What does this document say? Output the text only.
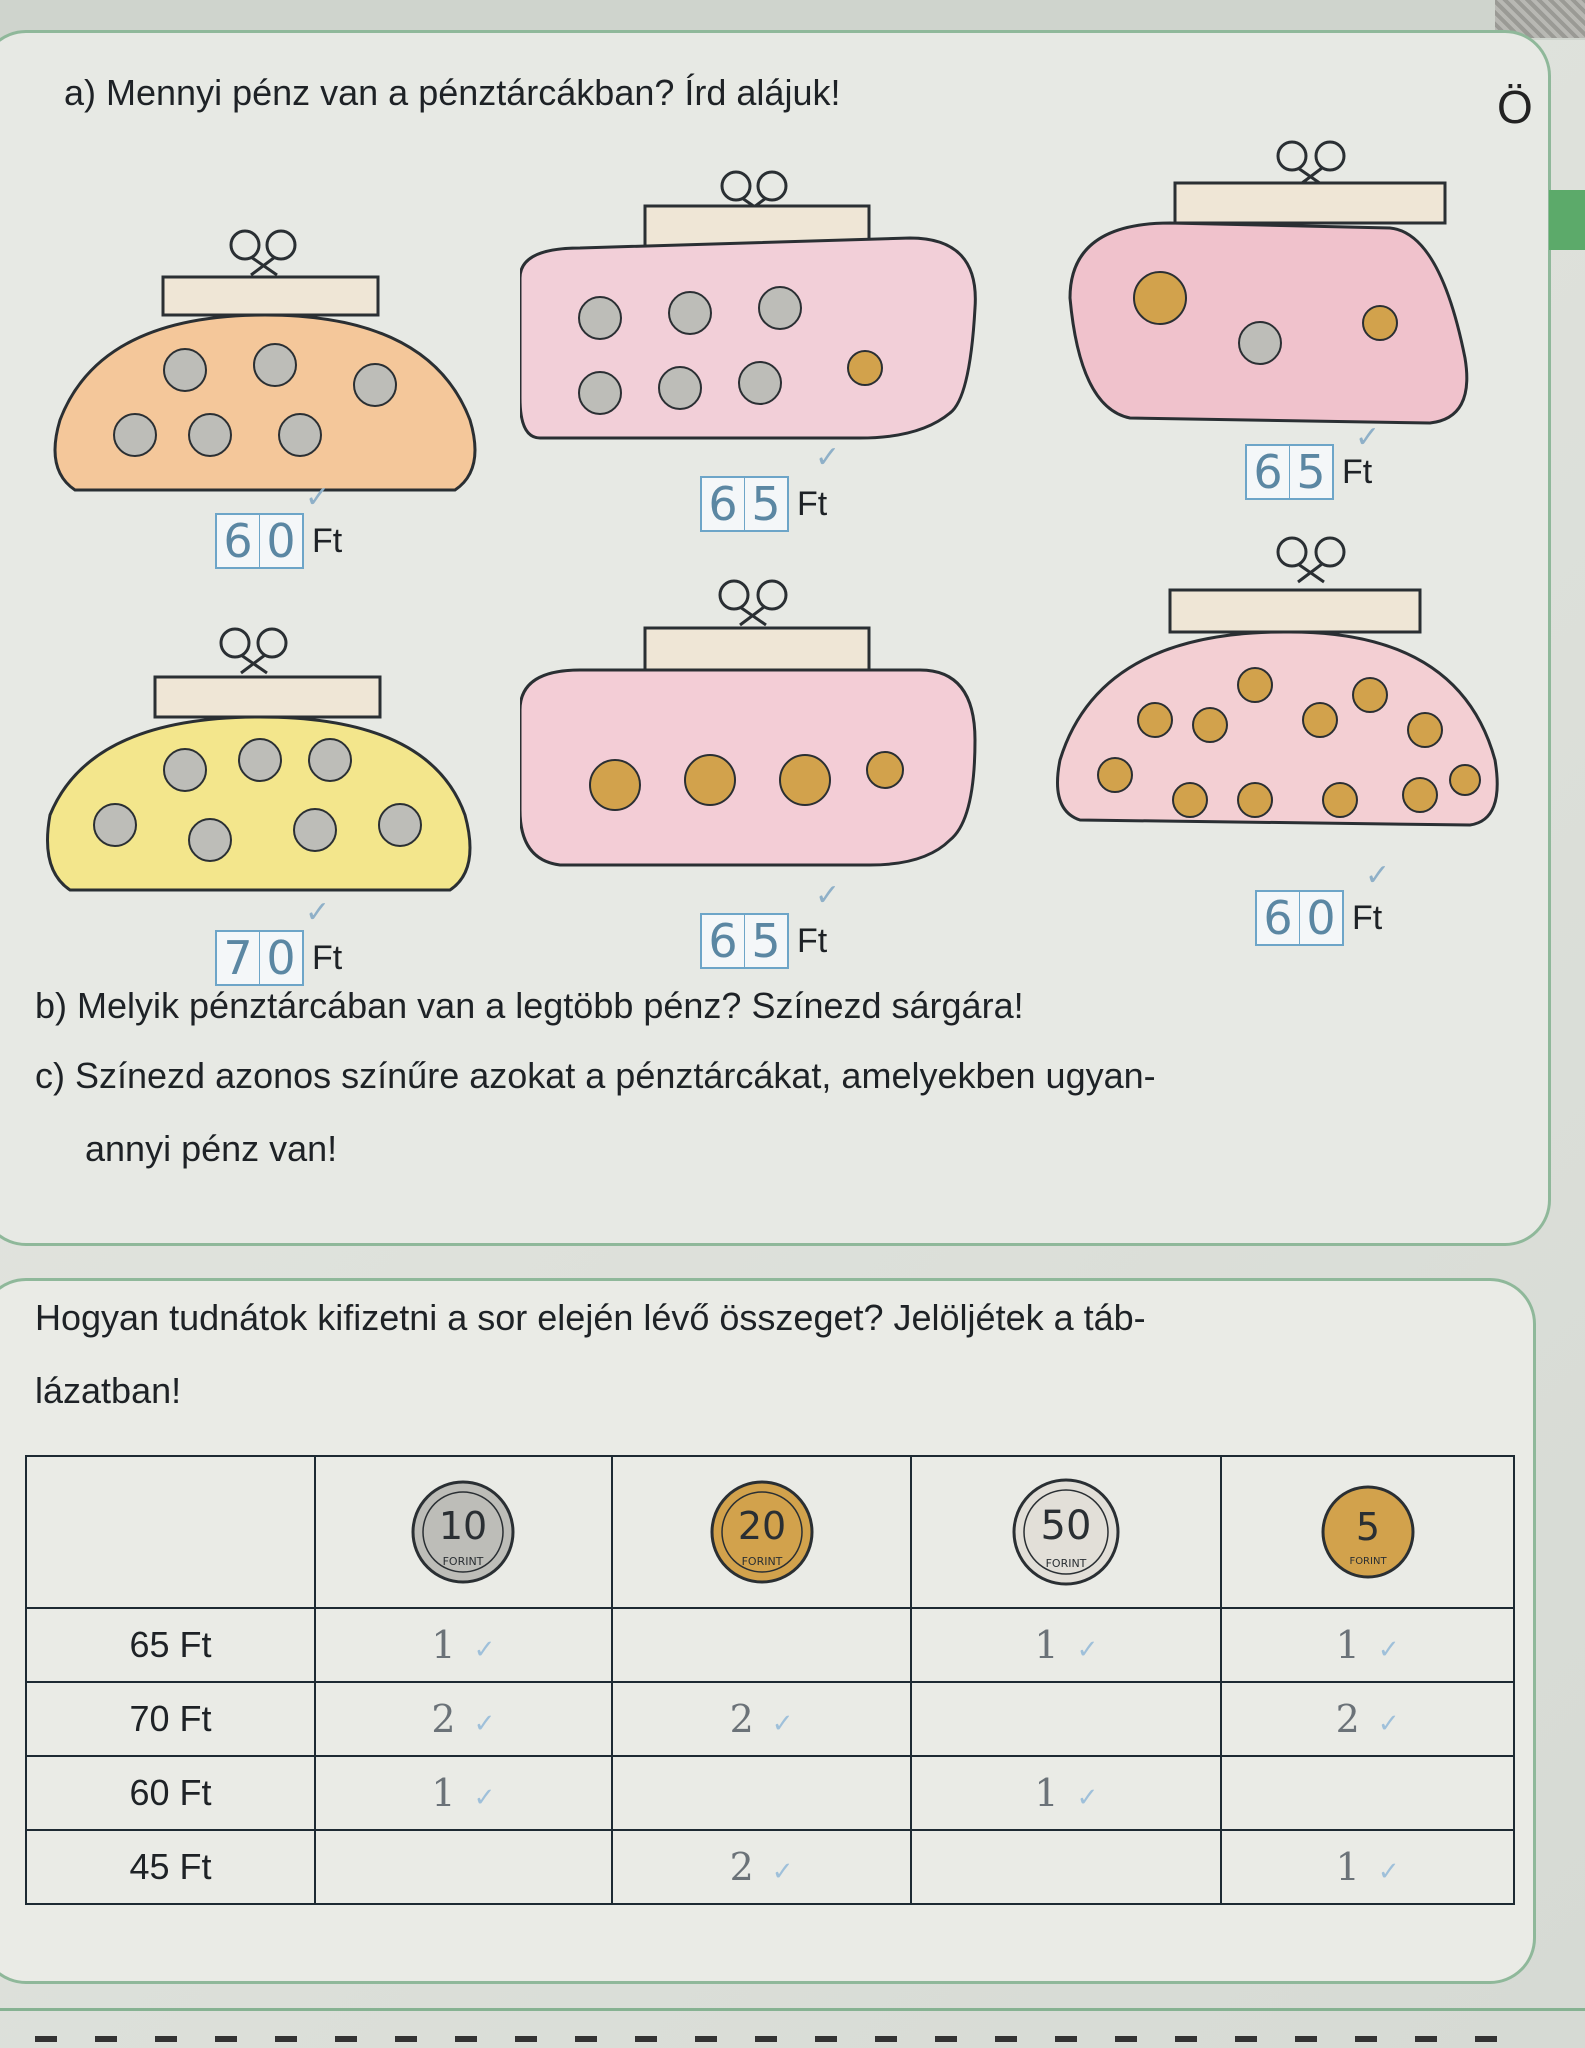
Ö
a) Mennyi pénz van a pénztárcákban? Írd alájuk!
6 0 Ft
6 5 Ft
6 5 Ft
7 0 Ft	6 5 Ft	6 0 Ft
✓
✓
✓
✓
✓
✓
b) Melyik pénztárcában van a legtöbb pénz? Színezd sárgára!
c) Színezd azonos színűre azokat a pénztárcákat, amelyekben ugyan-
annyi pénz van!
Hogyan tudnátok kifizetni a sor elején lévő összeget? Jelöljétek a táb-
lázatban!

10
FORINT	20
FORINT	50
FORINT	5
FORINT

65 Ft	1 ✓		1 ✓	1 ✓
70 Ft	2 ✓	2 ✓		2 ✓
60 Ft	1 ✓		1 ✓	
45 Ft		2 ✓		1 ✓
